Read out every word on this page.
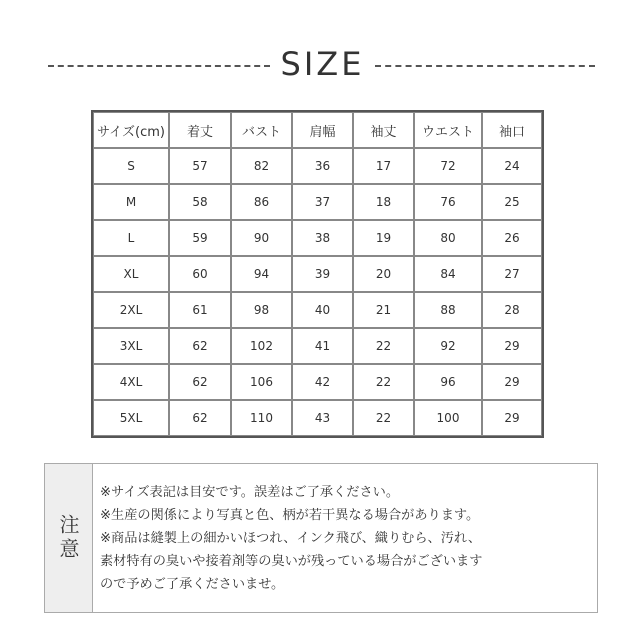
SIZE
サイズ(cm)	着丈	バスト	肩幅	袖丈	ウエスト	袖口
S	57	82	36	17	72	24
M	58	86	37	18	76	25
L	59	90	38	19	80	26
XL	60	94	39	20	84	27
2XL	61	98	40	21	88	28
3XL	62	102	41	22	92	29
4XL	62	106	42	22	96	29
5XL	62	110	43	22	100	29
注意
※サイズ表記は目安です。誤差はご了承ください。
※生産の関係により写真と色、柄が若干異なる場合があります。
※商品は縫製上の細かいほつれ、インク飛び、織りむら、汚れ、
素材特有の臭いや接着剤等の臭いが残っている場合がございます
ので予めご了承くださいませ。
